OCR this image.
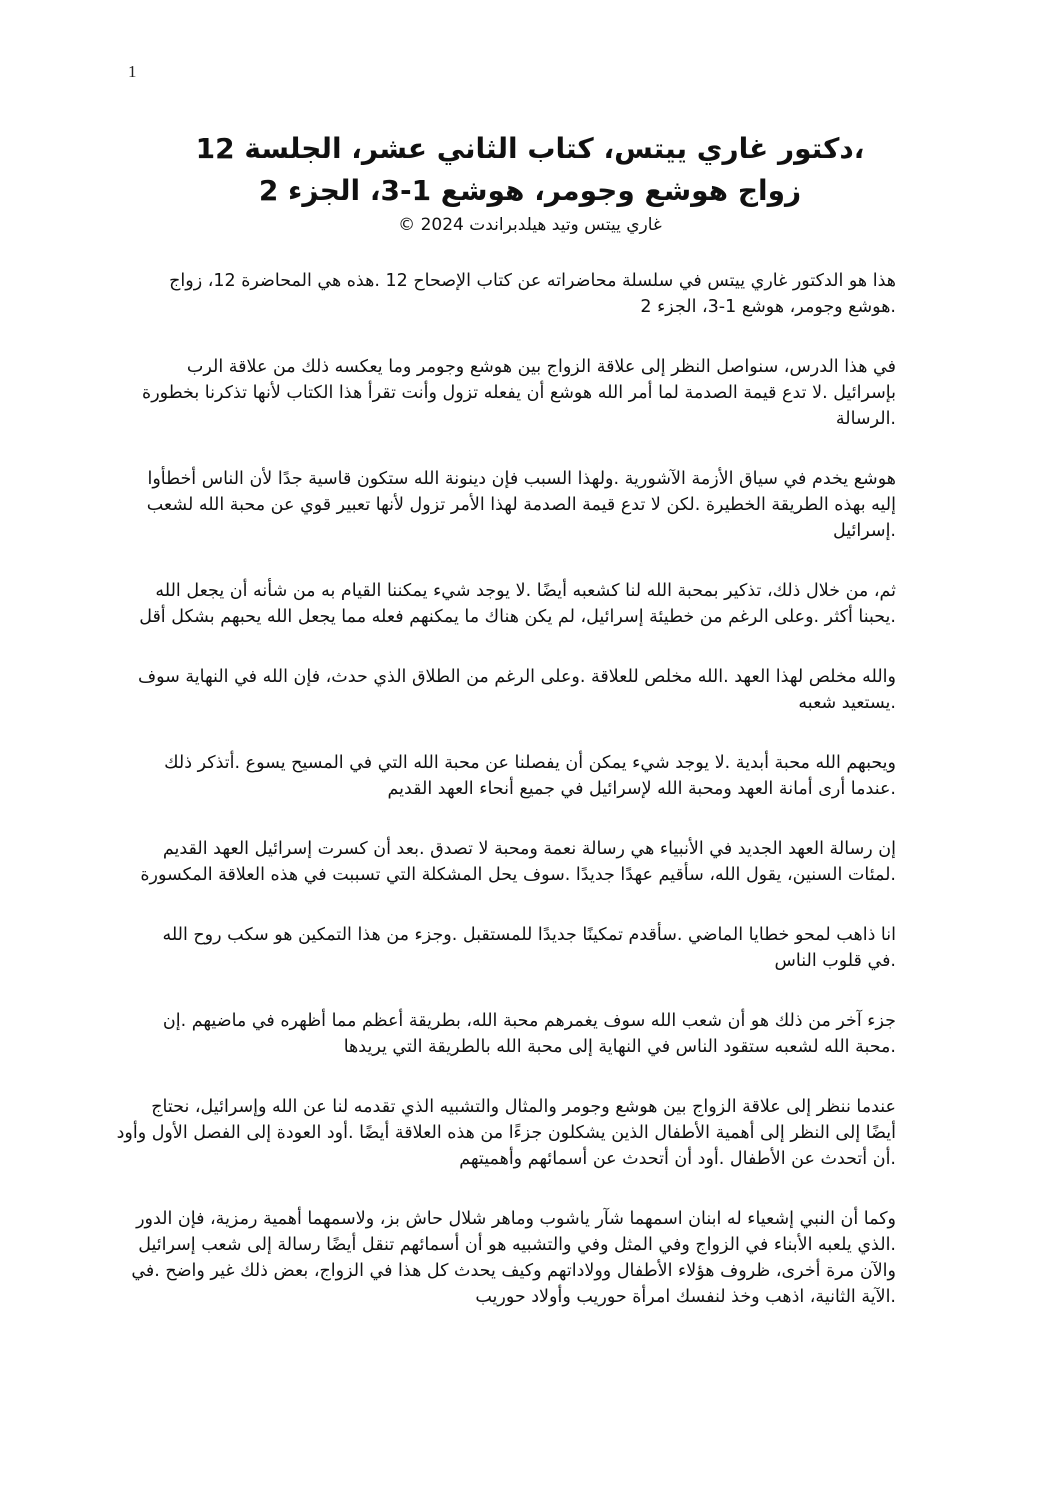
1
،دكتور غاري ييتس، كتاب الثاني عشر، الجلسة 12
زواج هوشع وجومر، هوشع 1-3، الجزء 2
غاري ييتس وتيد هيلدبراندت 2024 ©

هذا هو الدكتور غاري ييتس في سلسلة محاضراته عن كتاب الإصحاح 12 .هذه هي المحاضرة 12، زواج
.هوشع وجومر، هوشع 1-3، الجزء 2

في هذا الدرس، سنواصل النظر إلى علاقة الزواج بين هوشع وجومر وما يعكسه ذلك من علاقة الرب
بإسرائيل .لا تدع قيمة الصدمة لما أمر الله هوشع أن يفعله تزول وأنت تقرأ هذا الكتاب لأنها تذكرنا بخطورة
.الرسالة

هوشع يخدم في سياق الأزمة الآشورية .ولهذا السبب فإن دينونة الله ستكون قاسية جدًا لأن الناس أخطأوا
إليه بهذه الطريقة الخطيرة .لكن لا تدع قيمة الصدمة لهذا الأمر تزول لأنها تعبير قوي عن محبة الله لشعب
.إسرائيل

ثم، من خلال ذلك، تذكير بمحبة الله لنا كشعبه أيضًا .لا يوجد شيء يمكننا القيام به من شأنه أن يجعل الله
.يحبنا أكثر .وعلى الرغم من خطيئة إسرائيل، لم يكن هناك ما يمكنهم فعله مما يجعل الله يحبهم بشكل أقل

والله مخلص لهذا العهد .الله مخلص للعلاقة .وعلى الرغم من الطلاق الذي حدث، فإن الله في النهاية سوف
.يستعيد شعبه

ويحبهم الله محبة أبدية .لا يوجد شيء يمكن أن يفصلنا عن محبة الله التي في المسيح يسوع .أتذكر ذلك
.عندما أرى أمانة العهد ومحبة الله لإسرائيل في جميع أنحاء العهد القديم

إن رسالة العهد الجديد في الأنبياء هي رسالة نعمة ومحبة لا تصدق .بعد أن كسرت إسرائيل العهد القديم
.لمئات السنين، يقول الله، سأقيم عهدًا جديدًا .سوف يحل المشكلة التي تسببت في هذه العلاقة المكسورة

انا ذاهب لمحو خطايا الماضي .سأقدم تمكينًا جديدًا للمستقبل .وجزء من هذا التمكين هو سكب روح الله
.في قلوب الناس

جزء آخر من ذلك هو أن شعب الله سوف يغمرهم محبة الله، بطريقة أعظم مما أظهره في ماضيهم .إن
.محبة الله لشعبه ستقود الناس في النهاية إلى محبة الله بالطريقة التي يريدها

عندما ننظر إلى علاقة الزواج بين هوشع وجومر والمثال والتشبيه الذي تقدمه لنا عن الله وإسرائيل، نحتاج
أيضًا إلى النظر إلى أهمية الأطفال الذين يشكلون جزءًا من هذه العلاقة أيضًا .أود العودة إلى الفصل الأول وأود
.أن أتحدث عن الأطفال .أود أن أتحدث عن أسمائهم وأهميتهم

وكما أن النبي إشعياء له ابنان اسمهما شآر ياشوب وماهر شلال حاش بز، ولاسمهما أهمية رمزية، فإن الدور
.الذي يلعبه الأبناء في الزواج وفي المثل وفي والتشبيه هو أن أسمائهم تنقل أيضًا رسالة إلى شعب إسرائيل
والآن مرة أخرى، ظروف هؤلاء الأطفال وولاداتهم وكيف يحدث كل هذا في الزواج، بعض ذلك غير واضح .في
.الآية الثانية، اذهب وخذ لنفسك امرأة حوريب وأولاد حوريب
